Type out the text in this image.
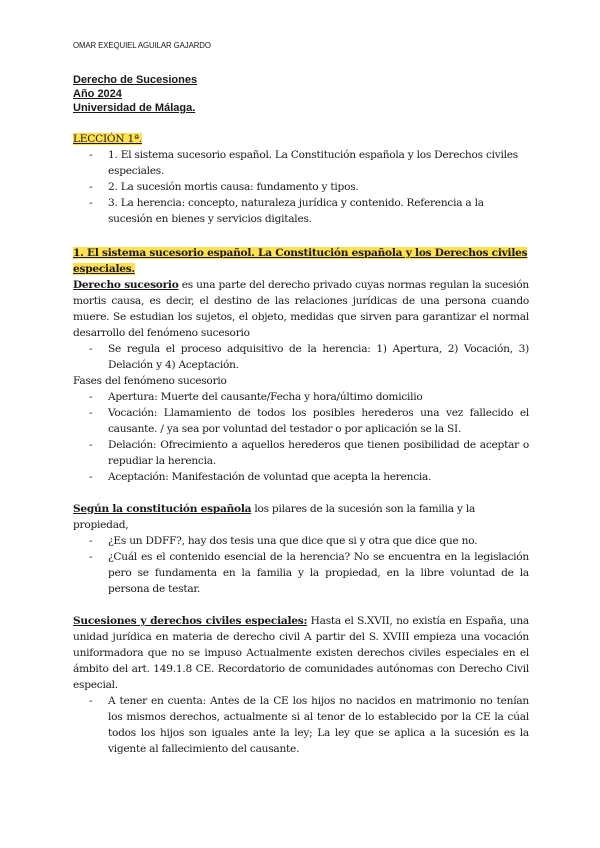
OMAR EXEQUIEL AGUILAR GAJARDO
Derecho de Sucesiones
Año 2024
Universidad de Málaga.
LECCIÓN 1ª.
- 1. El sistema sucesorio español. La Constitución española y los Derechos civiles especiales.
- 2. La sucesión mortis causa: fundamento y tipos.
- 3. La herencia: concepto, naturaleza jurídica y contenido. Referencia a la sucesión en bienes y servicios digitales.
1. El sistema sucesorio español. La Constitución española y los Derechos civiles especiales.
Derecho sucesorio es una parte del derecho privado cuyas normas regulan la sucesión mortis causa, es decir, el destino de las relaciones jurídicas de una persona cuando muere. Se estudian los sujetos, el objeto, medidas que sirven para garantizar el normal desarrollo del fenómeno sucesorio
- Se regula el proceso adquisitivo de la herencia: 1) Apertura, 2) Vocación, 3) Delación y 4) Aceptación.
Fases del fenómeno sucesorio
- Apertura: Muerte del causante/Fecha y hora/último domicilio
- Vocación: Llamamiento de todos los posibles herederos una vez fallecido el causante. / ya sea por voluntad del testador o por aplicación se la SI.
- Delación: Ofrecimiento a aquellos herederos que tienen posibilidad de aceptar o repudiar la herencia.
- Aceptación: Manifestación de voluntad que acepta la herencia.
Según la constitución española los pilares de la sucesión son la familia y la propiedad,
- ¿Es un DDFF?, hay dos tesis una que dice que si y otra que dice que no.
- ¿Cuál es el contenido esencial de la herencia? No se encuentra en la legislación pero se fundamenta en la familia y la propiedad, en la libre voluntad de la persona de testar.
Sucesiones y derechos civiles especiales: Hasta el S.XVII, no existía en España, una unidad jurídica en materia de derecho civil A partir del S. XVIII empieza una vocación uniformadora que no se impuso Actualmente existen derechos civiles especiales en el ámbito del art. 149.1.8 CE. Recordatorio de comunidades autónomas con Derecho Civil especial.
- A tener en cuenta: Antes de la CE los hijos no nacidos en matrimonio no tenían los mismos derechos, actualmente si al tenor de lo establecido por la CE la cúal todos los hijos son iguales ante la ley; La ley que se aplica a la sucesión es la vigente al fallecimiento del causante.
